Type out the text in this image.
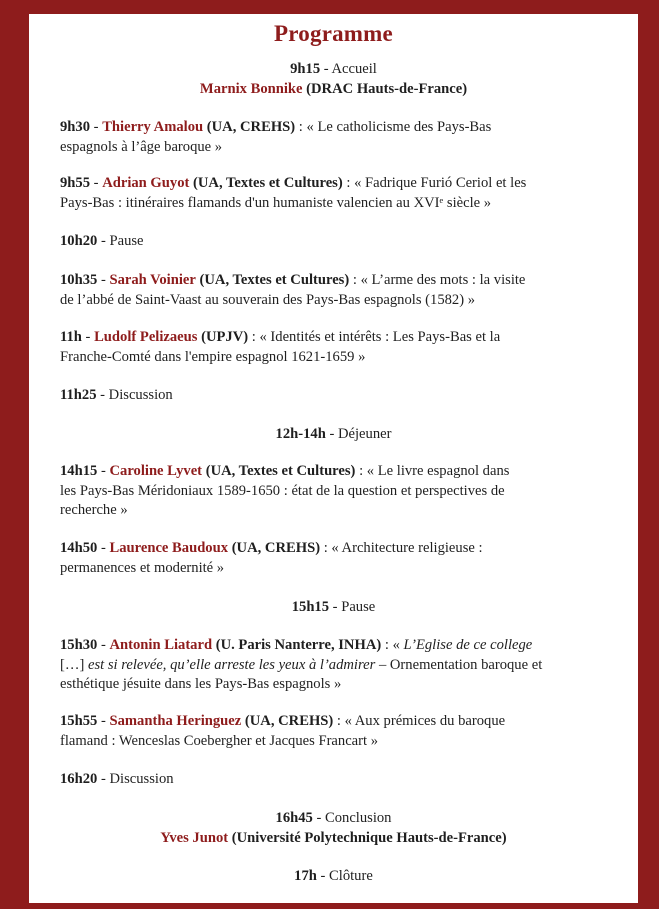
Programme
9h15 - Accueil
Marnix Bonnike (DRAC Hauts-de-France)
9h30 - Thierry Amalou (UA, CREHS) : « Le catholicisme des Pays-Bas
espagnols à l’âge baroque »
9h55 - Adrian Guyot (UA, Textes et Cultures) : « Fadrique Furió Ceriol et les
Pays-Bas : itinéraires flamands d'un humaniste valencien au XVIᵉ siècle »
10h20 - Pause
10h35 - Sarah Voinier (UA, Textes et Cultures) : « L’arme des mots : la visite
de l’abbé de Saint-Vaast au souverain des Pays-Bas espagnols (1582) »
11h - Ludolf Pelizaeus (UPJV) : « Identités et intérêts : Les Pays-Bas et la
Franche-Comté dans l'empire espagnol 1621-1659 »
11h25 - Discussion
12h-14h - Déjeuner
14h15 - Caroline Lyvet (UA, Textes et Cultures) : « Le livre espagnol dans
les Pays-Bas Méridoniaux 1589-1650 : état de la question et perspectives de
recherche »
14h50 - Laurence Baudoux (UA, CREHS) : « Architecture religieuse :
permanences et modernité »
15h15 - Pause
15h30 - Antonin Liatard (U. Paris Nanterre, INHA) : « L’Eglise de ce college
[…] est si relevée, qu’elle arreste les yeux à l’admirer – Ornementation baroque et
esthétique jésuite dans les Pays-Bas espagnols »
15h55 - Samantha Heringuez (UA, CREHS) : « Aux prémices du baroque
flamand : Wenceslas Coebergher et Jacques Francart »
16h20 - Discussion
16h45 - Conclusion
Yves Junot (Université Polytechnique Hauts-de-France)
17h - Clôture
